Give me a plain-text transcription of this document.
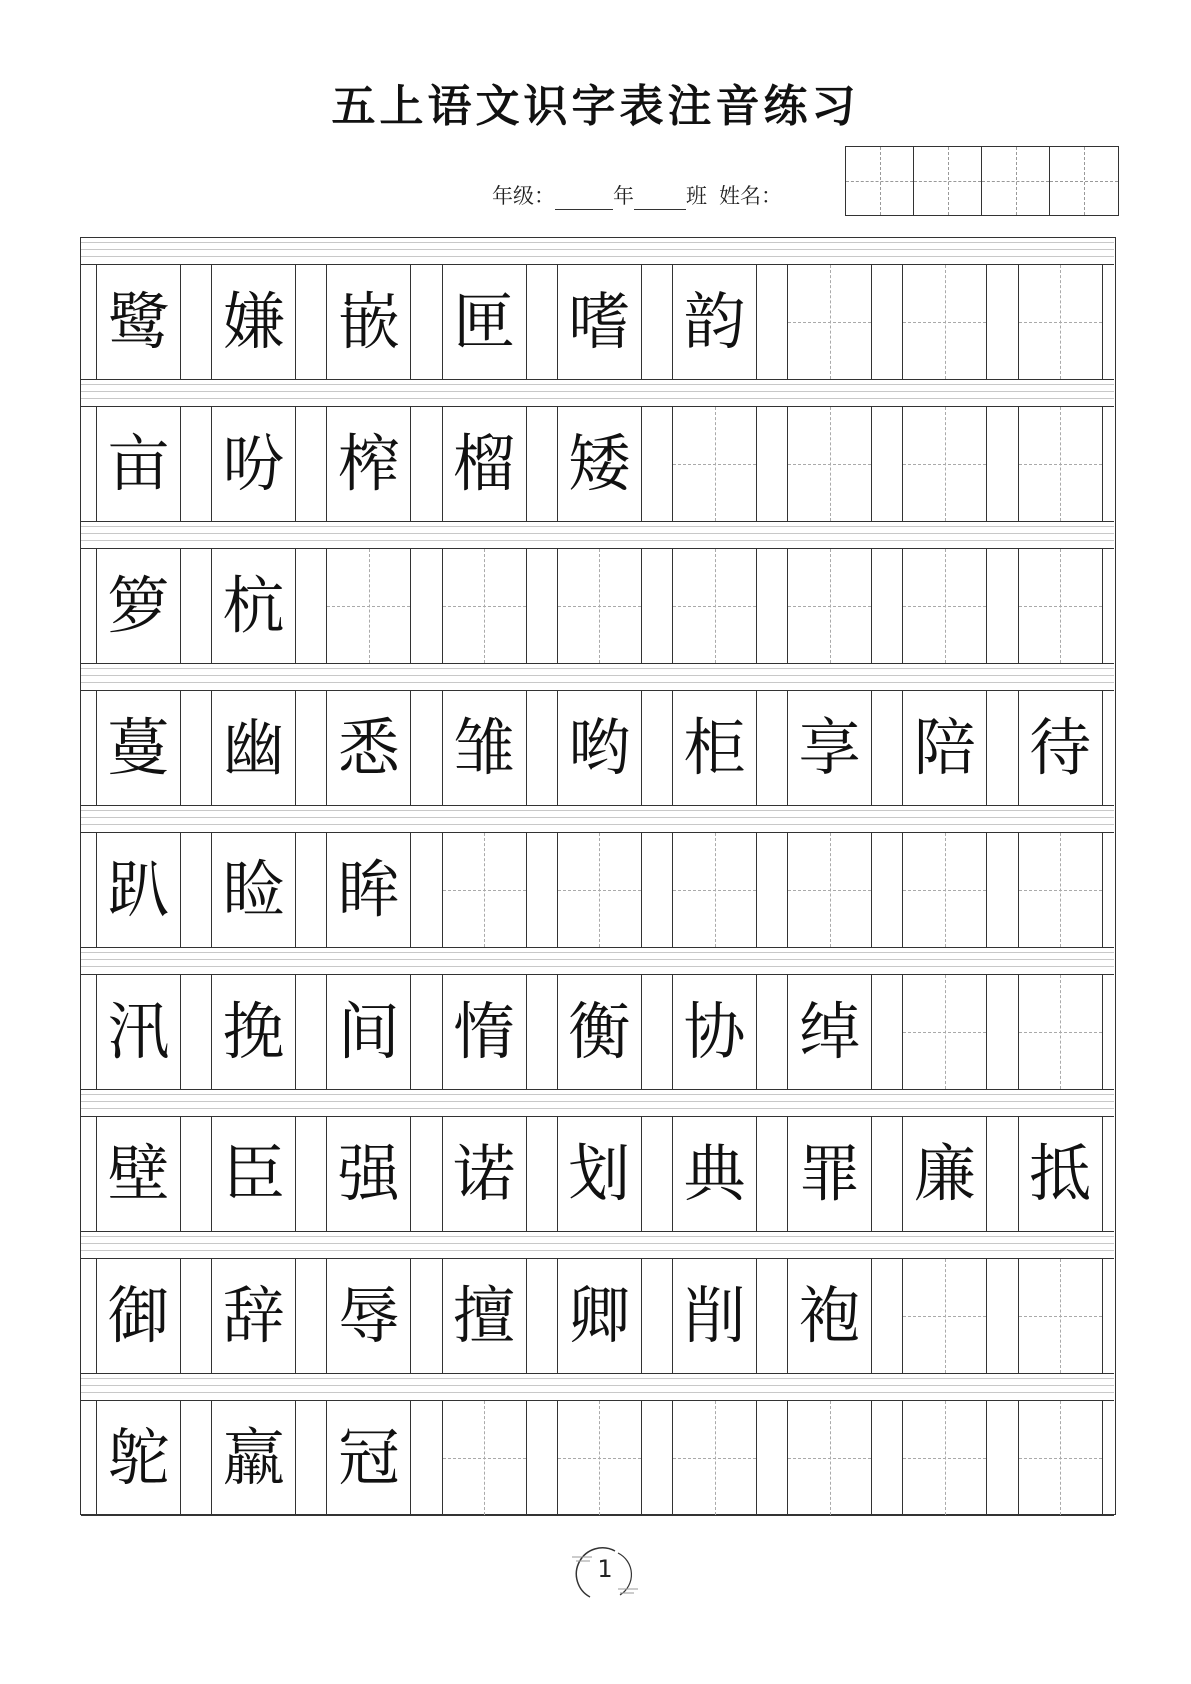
五上语文识字表注音练习
年级：	年 班 姓名：
鹭 嫌 嵌 匣 嗜 韵
亩 吩 榨 榴 矮
箩 杭
蔓 幽 悉 雏 哟 柜 享 陪 待
趴 睑 眸
汛 挽 间 惰 衡 协 绰
壁 臣 强 诺 划 典 罪 廉 抵
御 辞 辱 擅 卿 削 袍
鸵 羸 冠
1
